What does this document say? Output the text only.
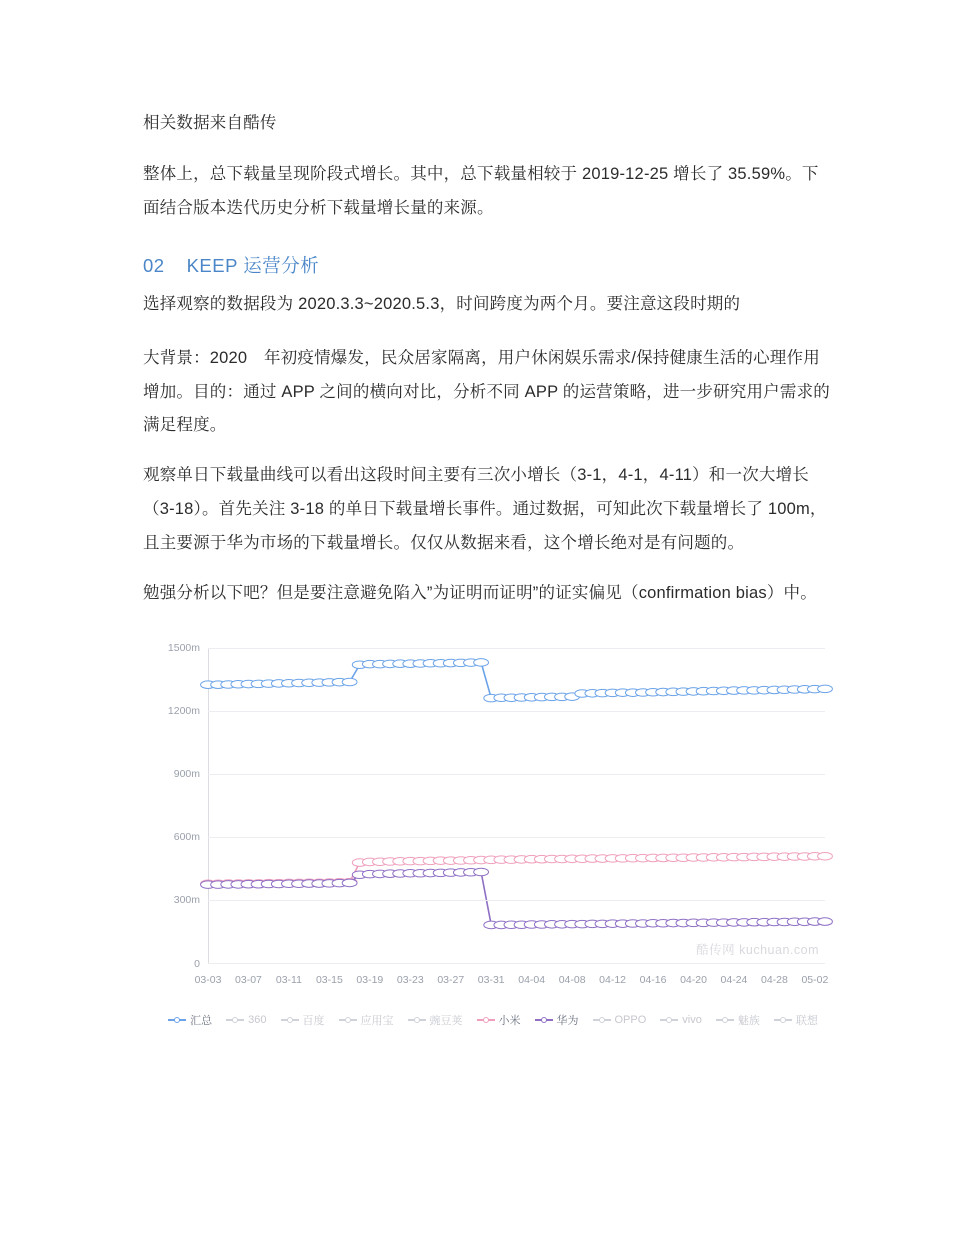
相关数据来自酷传

整体上，总下载量呈现阶段式增长。其中，总下载量相较于 2019-12-25 增长了 35.59%。下面结合版本迭代历史分析下载量增长量的来源。

02 KEEP 运营分析

选择观察的数据段为 2020.3.3~2020.5.3，时间跨度为两个月。要注意这段时期的

大背景：2020　年初疫情爆发，民众居家隔离，用户休闲娱乐需求/保持健康生活的心理作用增加。目的：通过 APP 之间的横向对比，分析不同 APP 的运营策略，进一步研究用户需求的满足程度。

观察单日下载量曲线可以看出这段时间主要有三次小增长（3-1，4-1，4-11）和一次大增长（3-18）。首先关注 3-18 的单日下载量增长事件。通过数据，可知此次下载量增长了 100m，且主要源于华为市场的下载量增长。仅仅从数据来看，这个增长绝对是有问题的。

勉强分析以下吧？但是要注意避免陷入”为证明而证明”的证实偏见（confirmation bias）中。

1500m
1200m
900m
600m
300m
0
03-03 03-07 03-11 03-15 03-19 03-23 03-27 03-31 04-04 04-08 04-12 04-16 04-20 04-24 04-28 05-02
酷传网 kuchuan.com
汇总	360	百度	应用宝	豌豆荚	小米	华为	OPPO	vivo	魅族	联想
